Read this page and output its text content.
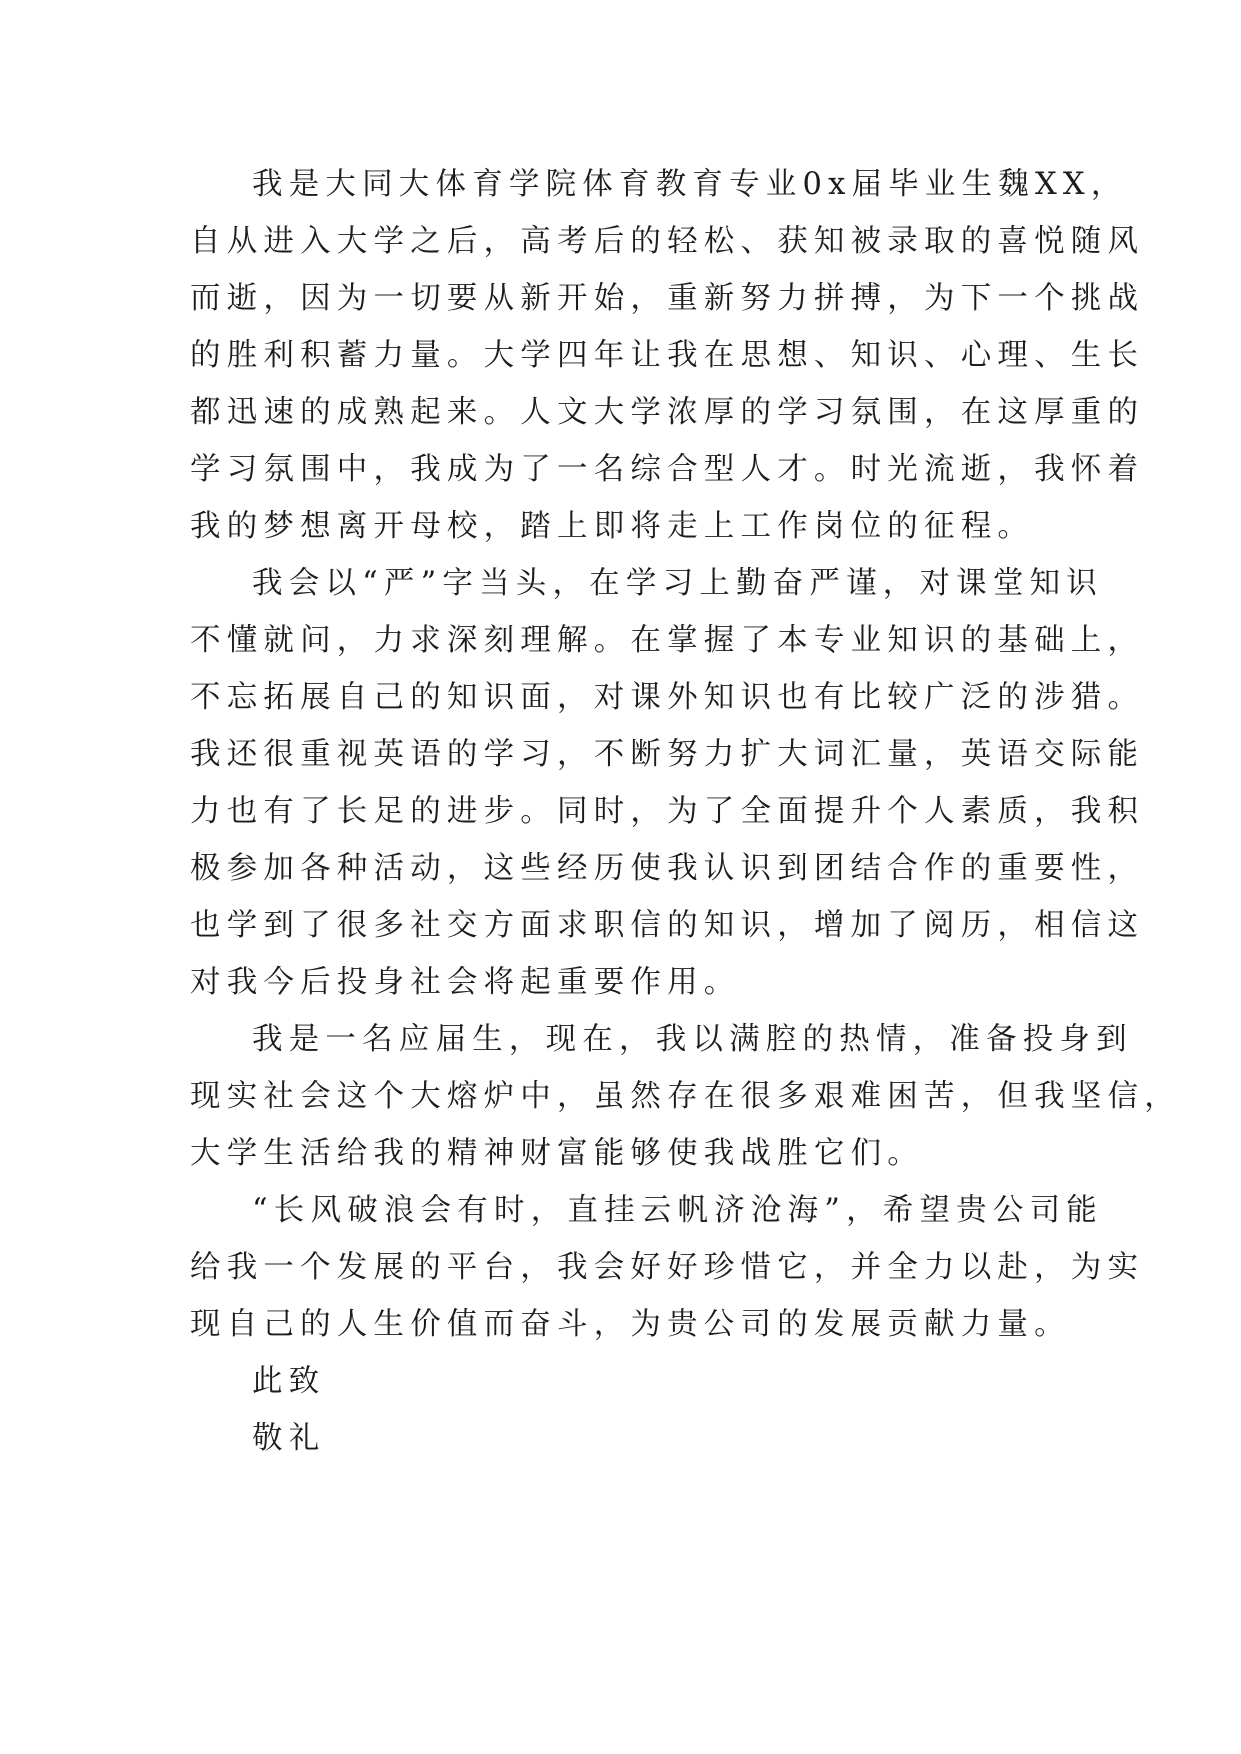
我是大同大体育学院体育教育专业0x届毕业生魏XX，
自从进入大学之后，高考后的轻松、获知被录取的喜悦随风
而逝，因为一切要从新开始，重新努力拼搏，为下一个挑战
的胜利积蓄力量。大学四年让我在思想、知识、心理、生长
都迅速的成熟起来。人文大学浓厚的学习氛围，在这厚重的
学习氛围中，我成为了一名综合型人才。时光流逝，我怀着
我的梦想离开母校，踏上即将走上工作岗位的征程。
我会以“严”字当头，在学习上勤奋严谨，对课堂知识
不懂就问，力求深刻理解。在掌握了本专业知识的基础上，
不忘拓展自己的知识面，对课外知识也有比较广泛的涉猎。
我还很重视英语的学习，不断努力扩大词汇量，英语交际能
力也有了长足的进步。同时，为了全面提升个人素质，我积
极参加各种活动，这些经历使我认识到团结合作的重要性，
也学到了很多社交方面求职信的知识，增加了阅历，相信这
对我今后投身社会将起重要作用。
我是一名应届生，现在，我以满腔的热情，准备投身到
现实社会这个大熔炉中，虽然存在很多艰难困苦，但我坚信，
大学生活给我的精神财富能够使我战胜它们。
“长风破浪会有时，直挂云帆济沧海”，希望贵公司能
给我一个发展的平台，我会好好珍惜它，并全力以赴，为实
现自己的人生价值而奋斗，为贵公司的发展贡献力量。
此致
敬礼
